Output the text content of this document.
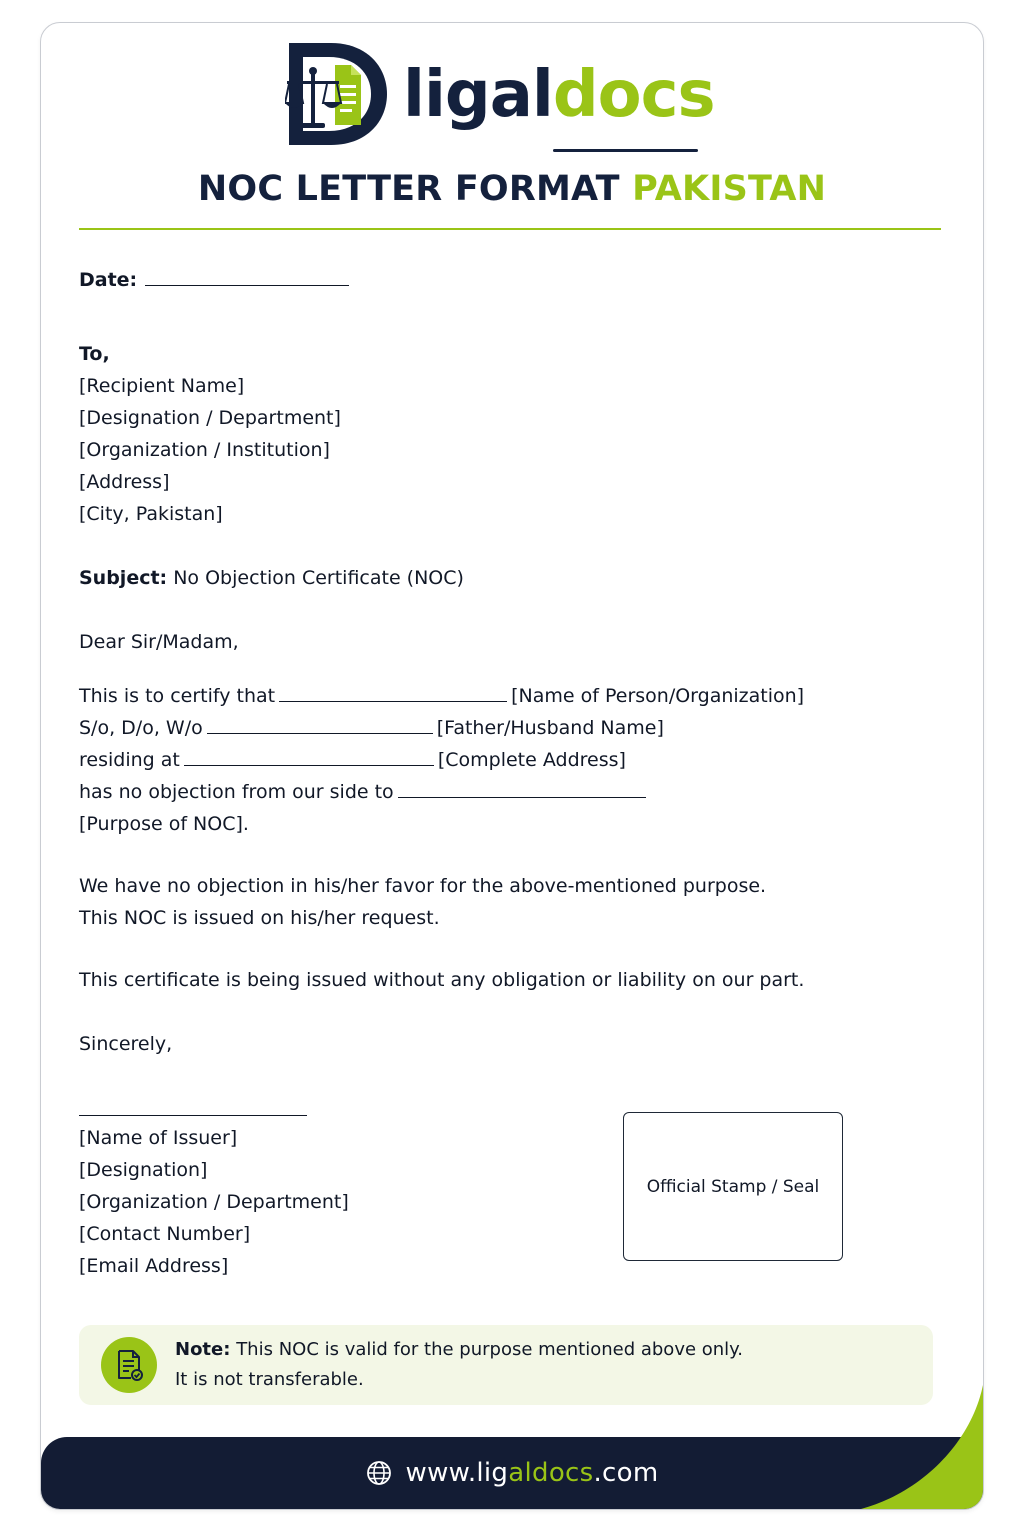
ligaldocs
NOC LETTER FORMAT PAKISTAN
Date:
To,
[Recipient Name]
[Designation / Department]
[Organization / Institution]
[Address]
[City, Pakistan]
Subject: No Objection Certificate (NOC)
Dear Sir/Madam,
This is to certify that	[Name of Person/Organization]
S/o, D/o, W/o	[Father/Husband Name]
residing at	[Complete Address]
has no objection from our side to
[Purpose of NOC].
We have no objection in his/her favor for the above-mentioned purpose.
This NOC is issued on his/her request.
This certificate is being issued without any obligation or liability on our part.
Sincerely,
[Name of Issuer]
[Designation]
[Organization / Department]
[Contact Number]
[Email Address]
Official Stamp / Seal
Note: This NOC is valid for the purpose mentioned above only.
It is not transferable.
www.lig al docs .com
